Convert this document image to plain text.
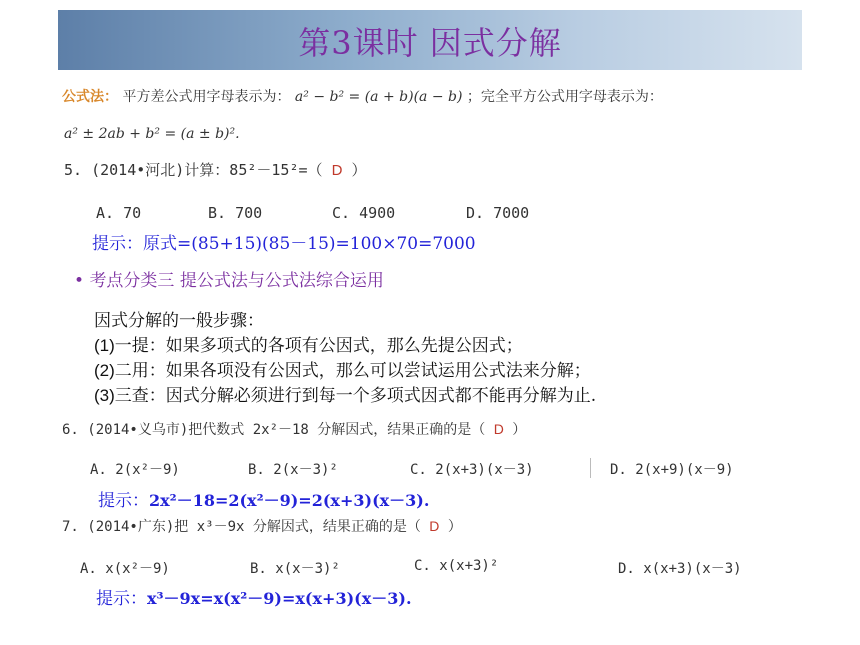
第3课时 因式分解
公式法： 平方差公式用字母表示为： a² − b² = (a + b)(a − b) ；完全平方公式用字母表示为：
a² ± 2ab + b² = (a ± b)².
5. (2014•河北)计算：85²－15²=（ D ）
A. 70	B. 700	C. 4900	D. 7000
提示：原式=(85+15)(85－15)=100×70=7000
• 考点分类三 提公式法与公式法综合运用
因式分解的一般步骤：
(1)一提：如果多项式的各项有公因式，那么先提公因式；
(2)二用：如果各项没有公因式，那么可以尝试运用公式法来分解；
(3)三查：因式分解必须进行到每一个多项式因式都不能再分解为止.
6. (2014•义乌市)把代数式 2x²－18 分解因式，结果正确的是（ D ）
A. 2(x²－9)	B. 2(x－3)²	C. 2(x+3)(x－3)	D. 2(x+9)(x－9)
提示：2x²－18=2(x²－9)=2(x+3)(x－3).
7. (2014•广东)把 x³－9x 分解因式，结果正确的是（ D ）
A. x(x²－9)	B. x(x－3)²	C. x(x+3)²	D. x(x+3)(x－3)
提示：x³－9x=x(x²－9)=x(x+3)(x－3).
